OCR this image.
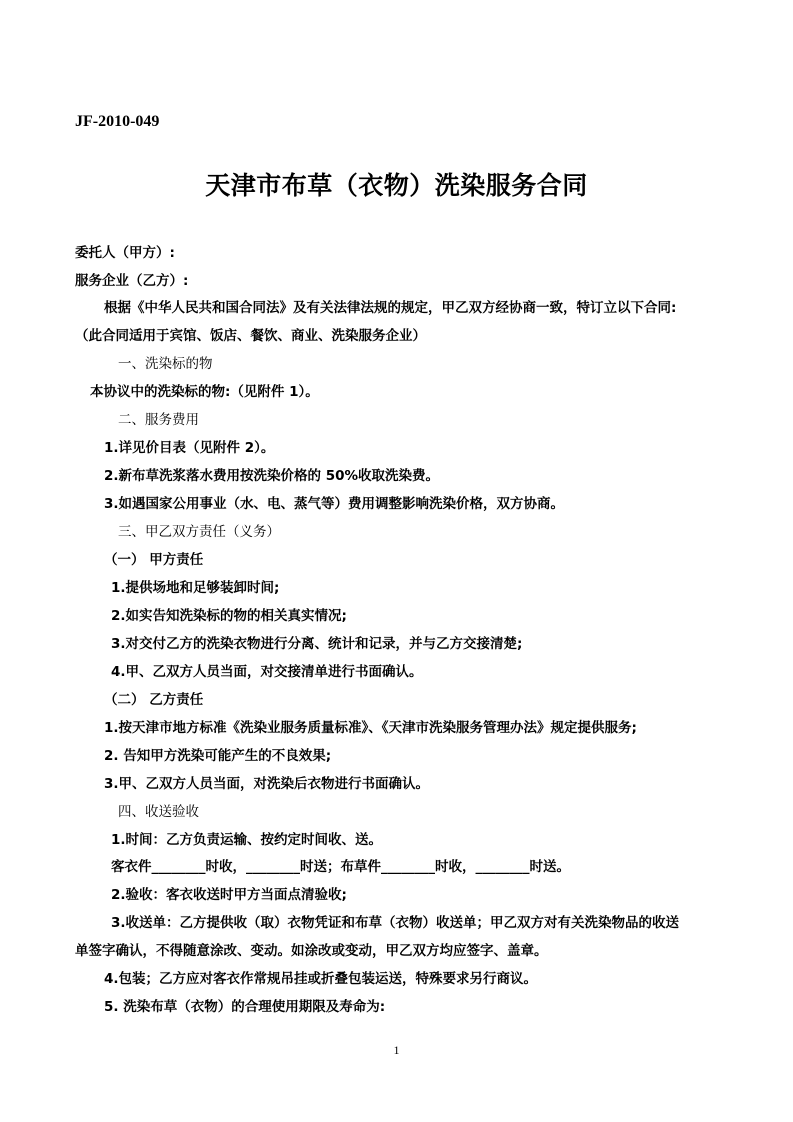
JF-2010-049
天津市布草（衣物）洗染服务合同
委托人（甲方）:
服务企业（乙方）:
根据《中华人民共和国合同法》及有关法律法规的规定，甲乙双方经协商一致，特订立以下合同:
（此合同适用于宾馆、饭店、餐饮、商业、洗染服务企业）
一、洗染标的物
本协议中的洗染标的物:（见附件 1）。
二、服务费用
1.详见价目表（见附件 2）。
2.新布草洗浆落水费用按洗染价格的 50%收取洗染费。
3.如遇国家公用事业（水、电、蒸气等）费用调整影响洗染价格，双方协商。
三、甲乙双方责任（义务）
（一） 甲方责任
1.提供场地和足够装卸时间;
2.如实告知洗染标的物的相关真实情况;
3.对交付乙方的洗染衣物进行分离、统计和记录，并与乙方交接清楚;
4.甲、乙双方人员当面，对交接清单进行书面确认。
（二） 乙方责任
1.按天津市地方标准《洗染业服务质量标准》、《天津市洗染服务管理办法》规定提供服务;
2. 告知甲方洗染可能产生的不良效果;
3.甲、乙双方人员当面，对洗染后衣物进行书面确认。
四、收送验收
1.时间：乙方负责运输、按约定时间收、送。
客衣件________时收，________时送；布草件________时收，________时送。
2.验收：客衣收送时甲方当面点清验收;
3.收送单：乙方提供收（取）衣物凭证和布草（衣物）收送单；甲乙双方对有关洗染物品的收送
单签字确认，不得随意涂改、变动。如涂改或变动，甲乙双方均应签字、盖章。
4.包装；乙方应对客衣作常规吊挂或折叠包装运送，特殊要求另行商议。
5. 洗染布草（衣物）的合理使用期限及寿命为:
1
